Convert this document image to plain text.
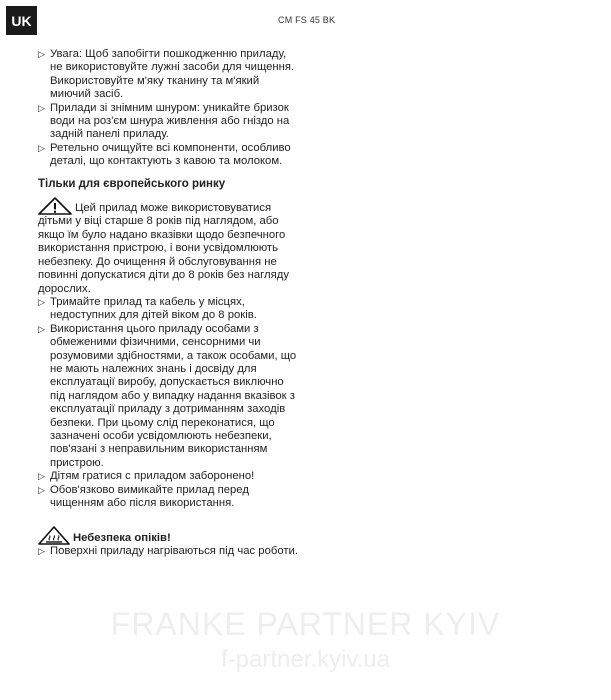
UK	CM FS 45 BK
▷ Увага: Щоб запобігти пошкодженню приладу, не використовуйте лужні засоби для чищення. Використовуйте м'яку тканину та м'який миючий засіб.
▷ Прилади зі знімним шнуром: уникайте бризок води на роз'єм шнура живлення або гніздо на задній панелі приладу.
▷ Ретельно очищуйте всі компоненти, особливо деталі, що контактують з кавою та молоком.
Тільки для європейського ринку

Цей прилад може використовуватися дітьми у віці старше 8 років під наглядом, або якщо їм було надано вказівки щодо безпечного використання пристрою, і вони усвідомлюють небезпеку. До очищення й обслуговування не повинні допускатися діти до 8 років без нагляду дорослих.

▷ Тримайте прилад та кабель у місцях, недоступних для дітей віком до 8 років.
▷ Використання цього приладу особами з обмеженими фізичними, сенсорними чи розумовими здібностями, а також особами, що не мають належних знань і досвіду для експлуатації виробу, допускається виключно під наглядом або у випадку надання вказівок з експлуатації приладу з дотриманням заходів безпеки. При цьому слід переконатися, що зазначені особи усвідомлюють небезпеки, пов'язані з неправильним використанням пристрою.
▷ Дітям гратися с приладом заборонено!
▷ Обов'язково вимикайте прилад перед чищенням або після використання.
Небезпека опіків!
▷ Поверхні приладу нагріваються під час роботи.
FRANKE PARTNER KYIV
f-partner.kyiv.ua
